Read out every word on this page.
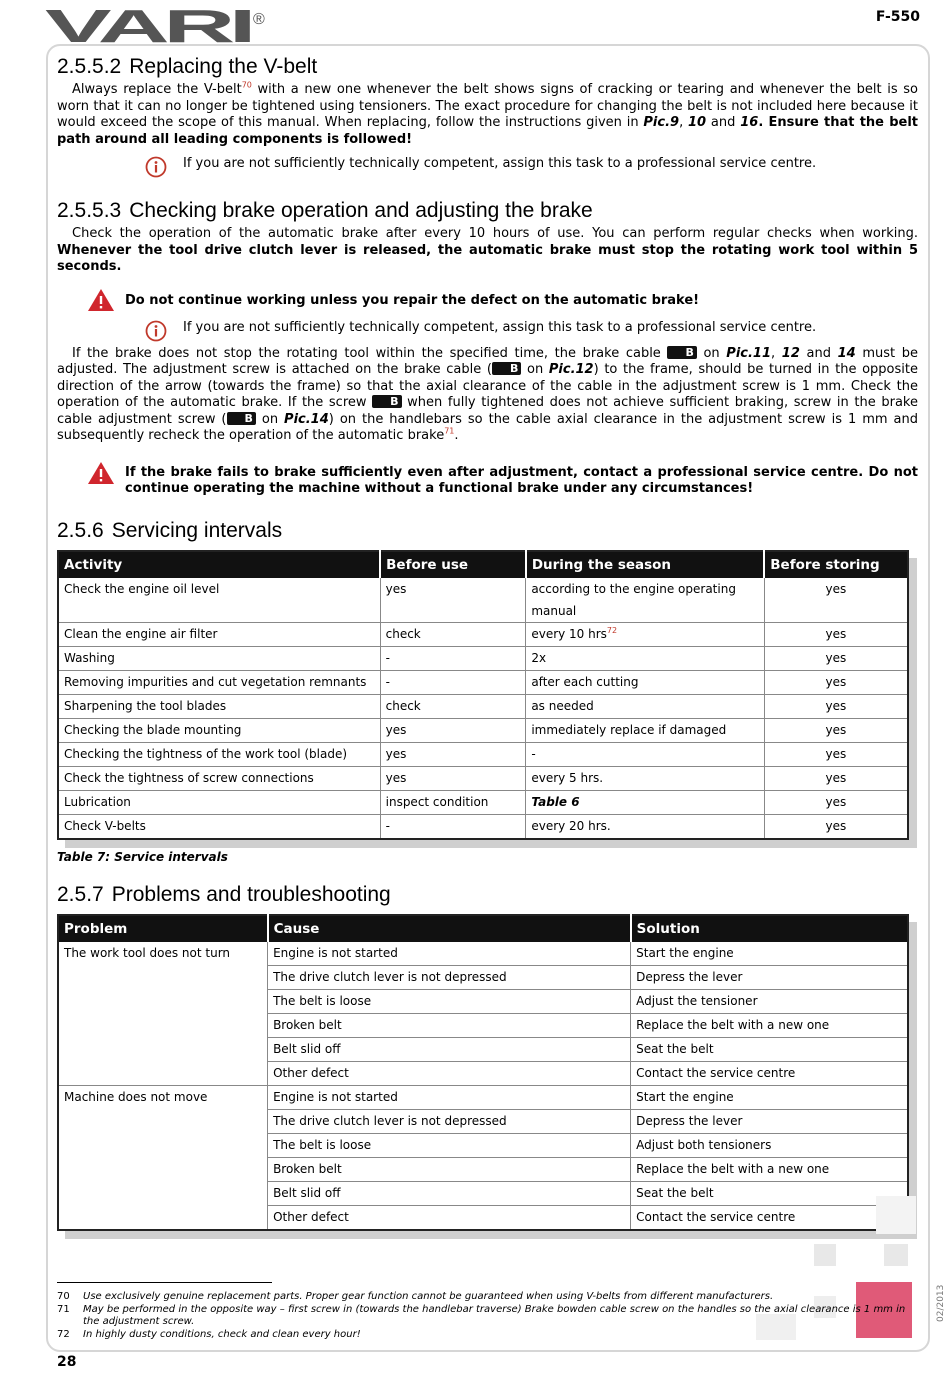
VARI ®	F-550
2.5.5.2 Replacing the V-belt

Always replace the V-belt$^{70}$ with a new one whenever the belt shows signs of cracking or tearing and whenever the belt is so worn that it can no longer be tightened using tensioners. The exact procedure for changing the belt is not included here because it would exceed the scope of this manual. When replacing, follow the instructions given in Pic.9, 10 and 16. Ensure that the belt path around all leading components is followed!

If you are not sufficiently technically competent, assign this task to a professional service centre.
2.5.5.3 Checking brake operation and adjusting the brake

Check the operation of the automatic brake after every 10 hours of use. You can perform regular checks when working. Whenever the tool drive clutch lever is released, the automatic brake must stop the rotating work tool within 5 seconds.

Do not continue working unless you repair the defect on the automatic brake!
If you are not sufficiently technically competent, assign this task to a professional service centre.

If the brake does not stop the rotating tool within the specified time, the brake cable B on Pic.11, 12 and 14 must be adjusted. The adjustment screw is attached on the brake cable ( B on Pic.12) to the frame, should be turned in the opposite direction of the arrow (towards the frame) so that the axial clearance of the cable in the adjustment screw is 1 mm. Check the operation of the automatic brake. If the screw B when fully tightened does not achieve sufficient braking, screw in the brake cable adjustment screw ( B on Pic.14) on the handlebars so the cable axial clearance in the adjustment screw is 1 mm and subsequently recheck the operation of the automatic brake$^{71}$.

If the brake fails to brake sufficiently even after adjustment, contact a professional service centre. Do not continue operating the machine without a functional brake under any circumstances!

2.5.6 Servicing intervals
Activity	Before use	During the season	Before storing
Check the engine oil level	yes	according to the engine operating manual	yes
Clean the engine air filter	check	every 10 hrs$^{72}$	yes
Washing	-	2x	yes
Removing impurities and cut vegetation remnants	-	after each cutting	yes
Sharpening the tool blades	check	as needed	yes
Checking the blade mounting	yes	immediately replace if damaged	yes
Checking the tightness of the work tool (blade)	yes	-	yes
Check the tightness of screw connections	yes	every 5 hrs.	yes
Lubrication	inspect condition	Table 6	yes
Check V-belts	-	every 20 hrs.	yes
Table 7: Service intervals
2.5.7 Problems and troubleshooting
Problem	Cause	Solution
The work tool does not turn	Engine is not started	Start the engine
	The drive clutch lever is not depressed	Depress the lever
	The belt is loose	Adjust the tensioner
	Broken belt	Replace the belt with a new one
	Belt slid off	Seat the belt
	Other defect	Contact the service centre
Machine does not move	Engine is not started	Start the engine
	The drive clutch lever is not depressed	Depress the lever
	The belt is loose	Adjust both tensioners
	Broken belt	Replace the belt with a new one
	Belt slid off	Seat the belt
	Other defect	Contact the service centre
70	Use exclusively genuine replacement parts. Proper gear function cannot be guaranteed when using V-belts from different manufacturers.
71	May be performed in the opposite way – first screw in (towards the handlebar traverse) Brake bowden cable screw on the handles so the axial clearance is 1 mm in the adjustment screw.
72	In highly dusty conditions, check and clean every hour!
28
02/2013
